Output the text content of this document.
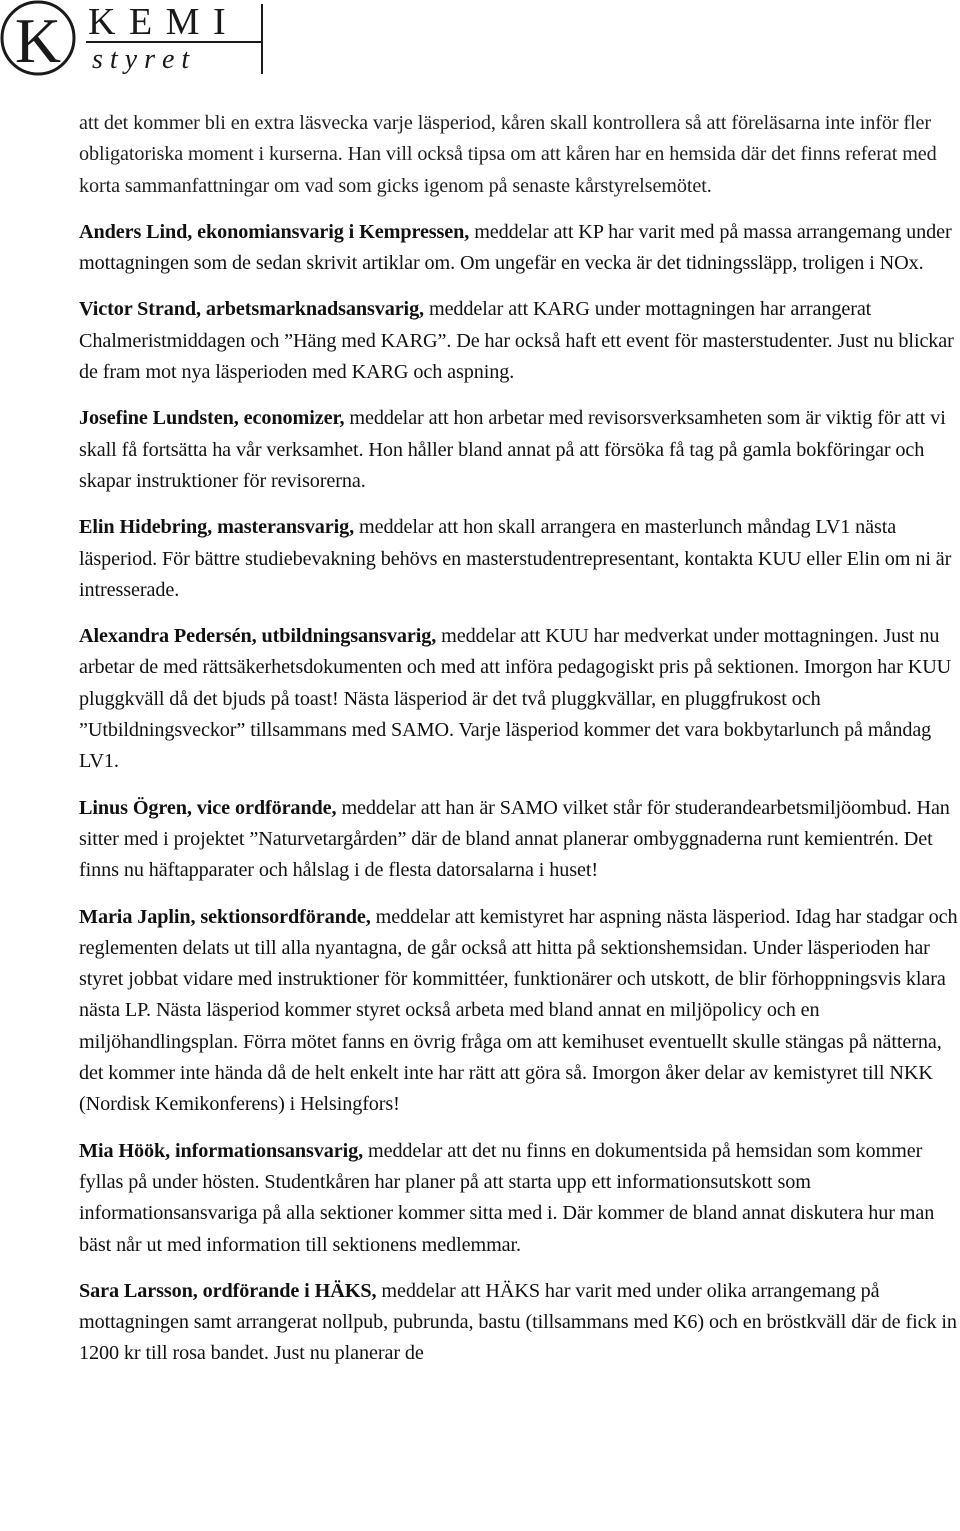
K K E M I
s t y r e t

att det kommer bli en extra läsvecka varje läsperiod, kåren skall kontrollera så att föreläsarna inte inför fler obligatoriska moment i kurserna. Han vill också tipsa om att kåren har en hemsida där det finns referat med korta sammanfattningar om vad som gicks igenom på senaste kårstyrelsemötet.

Anders Lind, ekonomiansvarig i Kempressen, meddelar att KP har varit med på massa arrangemang under mottagningen som de sedan skrivit artiklar om. Om ungefär en vecka är det tidningssläpp, troligen i NOx.

Victor Strand, arbetsmarknadsansvarig, meddelar att KARG under mottagningen har arrangerat Chalmeristmiddagen och ”Häng med KARG”. De har också haft ett event för masterstudenter. Just nu blickar de fram mot nya läsperioden med KARG och aspning.

Josefine Lundsten, economizer, meddelar att hon arbetar med revisorsverksamheten som är viktig för att vi skall få fortsätta ha vår verksamhet. Hon håller bland annat på att försöka få tag på gamla bokföringar och skapar instruktioner för revisorerna.

Elin Hidebring, masteransvarig, meddelar att hon skall arrangera en masterlunch måndag LV1 nästa läsperiod. För bättre studiebevakning behövs en masterstudentrepresentant, kontakta KUU eller Elin om ni är intresserade.

Alexandra Pedersén, utbildningsansvarig, meddelar att KUU har medverkat under mottagningen. Just nu arbetar de med rättsäkerhetsdokumenten och med att införa pedagogiskt pris på sektionen. Imorgon har KUU pluggkväll då det bjuds på toast! Nästa läsperiod är det två pluggkvällar, en pluggfrukost och ”Utbildningsveckor” tillsammans med SAMO. Varje läsperiod kommer det vara bokbytarlunch på måndag LV1.

Linus Ögren, vice ordförande, meddelar att han är SAMO vilket står för studerandearbetsmiljöombud. Han sitter med i projektet ”Naturvetargården” där de bland annat planerar ombyggnaderna runt kemientrén. Det finns nu häftapparater och hålslag i de flesta datorsalarna i huset!

Maria Japlin, sektionsordförande, meddelar att kemistyret har aspning nästa läsperiod. Idag har stadgar och reglementen delats ut till alla nyantagna, de går också att hitta på sektionshemsidan. Under läsperioden har styret jobbat vidare med instruktioner för kommittéer, funktionärer och utskott, de blir förhoppningsvis klara nästa LP. Nästa läsperiod kommer styret också arbeta med bland annat en miljöpolicy och en miljöhandlingsplan. Förra mötet fanns en övrig fråga om att kemihuset eventuellt skulle stängas på nätterna, det kommer inte hända då de helt enkelt inte har rätt att göra så. Imorgon åker delar av kemistyret till NKK (Nordisk Kemikonferens) i Helsingfors!

Mia Höök, informationsansvarig, meddelar att det nu finns en dokumentsida på hemsidan som kommer fyllas på under hösten. Studentkåren har planer på att starta upp ett informationsutskott som informationsansvariga på alla sektioner kommer sitta med i. Där kommer de bland annat diskutera hur man bäst når ut med information till sektionens medlemmar.

Sara Larsson, ordförande i HÄKS, meddelar att HÄKS har varit med under olika arrangemang på mottagningen samt arrangerat nollpub, pubrunda, bastu (tillsammans med K6) och en bröstkväll där de fick in 1200 kr till rosa bandet. Just nu planerar de
